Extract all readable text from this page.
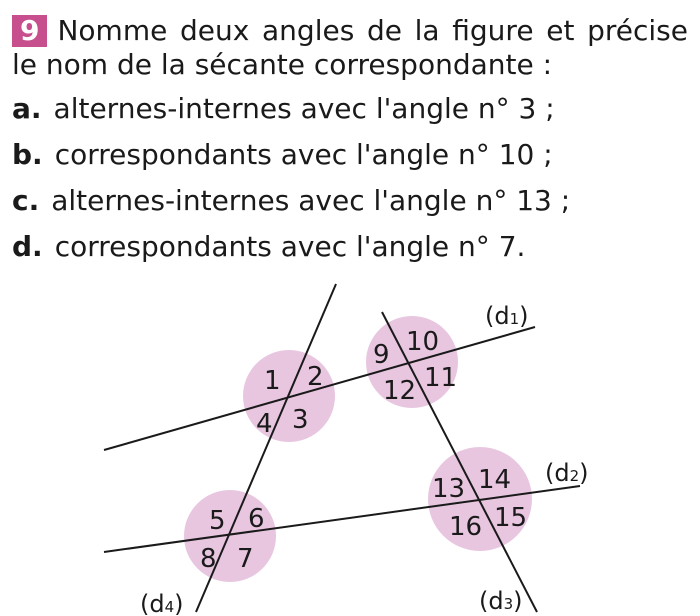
9 Nomme deux angles de la figure et précise le nom de la sécante correspondante :

a. alternes-internes avec l'angle n° 3 ;
b. correspondants avec l'angle n° 10 ;
c. alternes-internes avec l'angle n° 13 ;
d. correspondants avec l'angle n° 7.
1 2
3
4
5 6
7
8
9 10
11
12
13 14
15
16
(d1)
(d2)
(d3)
(d4)
